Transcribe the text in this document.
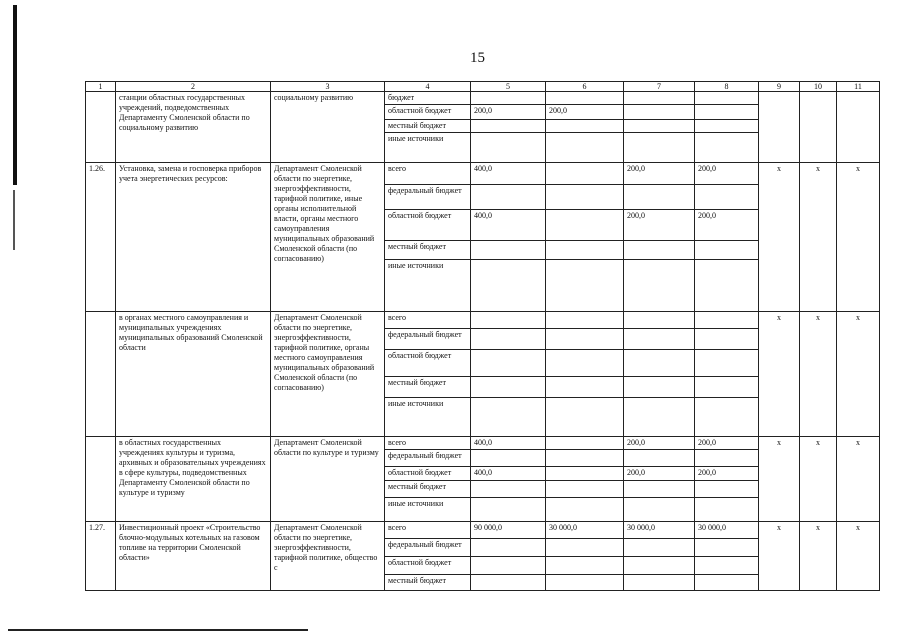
15
1	2	3	4	5	6	7	8	9	10	11
	станции областных государственных учреждений, подведомственных Департаменту Смоленской области по социальному развитию	социальному развитию	бюджет							
			областной бюджет	200,0	200,0					
			местный бюджет							
			иные источники							
1.26.	Установка, замена и госповерка приборов учета энергетических ресурсов:	Департамент Смоленской области по энергетике, энергоэффективности, тарифной политике, иные органы исполнительной власти, органы местного самоуправления муниципальных образований Смоленской области (по согласованию)	всего	400,0		200,0	200,0	x	x	x
			федеральный бюджет							
			областной бюджет	400,0		200,0	200,0			
			местный бюджет							
			иные источники							
	в органах местного самоуправления и муниципальных учреждениях муниципальных образований Смоленской области	Департамент Смоленской области по энергетике, энергоэффективности, тарифной политике, органы местного самоуправления муниципальных образований Смоленской области (по согласованию)	всего					x	x	x
			федеральный бюджет							
			областной бюджет							
			местный бюджет							
			иные источники							
	в областных государственных учреждениях культуры и туризма, архивных и образовательных учреждениях в сфере культуры, подведомственных Департаменту Смоленской области по культуре и туризму	Департамент Смоленской области по культуре и туризму	всего	400,0		200,0	200,0	x	x	x
			федеральный бюджет							
			областной бюджет	400,0		200,0	200,0			
			местный бюджет							
			иные источники							
1.27.	Инвестиционный проект «Строительство блочно-модульных котельных на газовом топливе на территории Смоленской области»	Департамент Смоленской области по энергетике, энергоэффективности, тарифной политике, общество с	всего	90 000,0	30 000,0	30 000,0	30 000,0	x	x	x
			федеральный бюджет							
			областной бюджет							
			местный бюджет							
